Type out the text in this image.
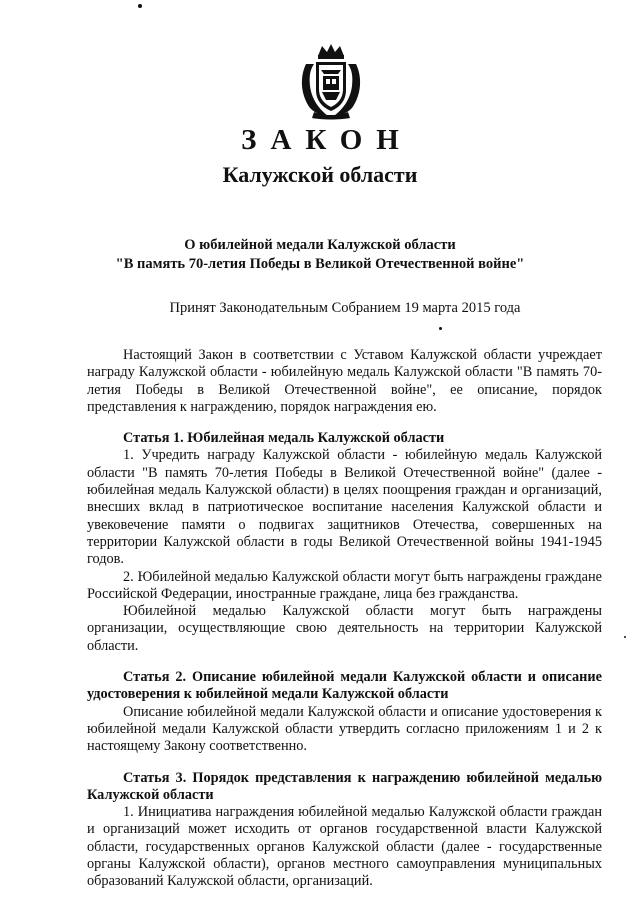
ЗАКОН
Калужской области
О юбилейной медали Калужской области
"В память 70-летия Победы в Великой Отечественной войне"
Принят Законодательным Собранием 19 марта 2015 года

Настоящий Закон в соответствии с Уставом Калужской области учреждает награду Калужской области - юбилейную медаль Калужской области "В память 70-летия Победы в Великой Отечественной войне", ее описание, порядок представления к награждению, порядок награждения ею.

Статья 1. Юбилейная медаль Калужской области

1. Учредить награду Калужской области - юбилейную медаль Калужской области "В память 70-летия Победы в Великой Отечественной войне" (далее - юбилейная медаль Калужской области) в целях поощрения граждан и организаций, внесших вклад в патриотическое воспитание населения Калужской области и увековечение памяти о подвигах защитников Отечества, совершенных на территории Калужской области в годы Великой Отечественной войны 1941-1945 годов.

2. Юбилейной медалью Калужской области могут быть награждены граждане Российской Федерации, иностранные граждане, лица без гражданства.

Юбилейной медалью Калужской области могут быть награждены организации, осуществляющие свою деятельность на территории Калужской области.

Статья 2. Описание юбилейной медали Калужской области и описание удостоверения к юбилейной медали Калужской области

Описание юбилейной медали Калужской области и описание удостоверения к юбилейной медали Калужской области утвердить согласно приложениям 1 и 2 к настоящему Закону соответственно.

Статья 3. Порядок представления к награждению юбилейной медалью Калужской области

1. Инициатива награждения юбилейной медалью Калужской области граждан и организаций может исходить от органов государственной власти Калужской области, государственных органов Калужской области (далее - государственные органы Калужской области), органов местного самоуправления муниципальных образований Калужской области, организаций.
